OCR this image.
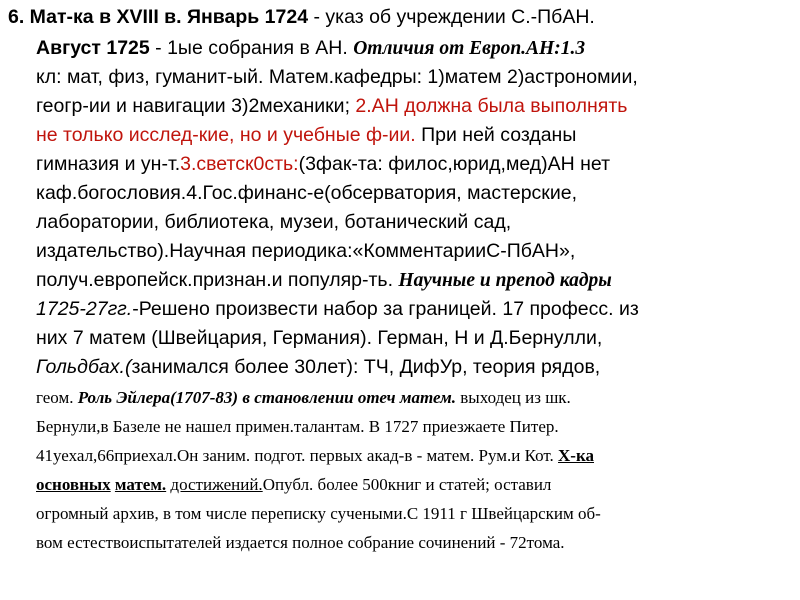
6. Мат-ка в XVIII в. Январь 1724 - указ об учреждении С.-ПбАН.
Август 1725 - 1ые собрания в АН. Отличия от Европ.АН:1.3
кл: мат, физ, гуманит-ый. Матем.кафедры: 1)матем 2)астрономии,
геогр-ии и навигации 3)2механики; 2.АН должна была выполнять
не только исслед-кие, но и учебные ф-ии. При ней созданы
гимназия и ун-т.3.светск0сть:(3фак-та: филос,юрид,мед)АН нет
каф.богословия.4.Гос.финанс-е(обсерватория, мастерские,
лаборатории, библиотека, музеи, ботанический сад,
издательство).Научная периодика:«КомментарииС-ПбАН»,
получ.европейск.признан.и популяр-ть. Научные и препод кадры
1725-27гг.-Решено произвести набор за границей. 17 професс. из
них 7 матем (Швейцария, Германия). Герман, Н и Д.Бернулли,
Гольдбах.(занимался более 30лет): ТЧ, ДифУр, теория рядов,
геом. Роль Эйлера(1707-83) в становлении отеч матем. выходец из шк.
Бернули,в Базеле не нашел примен.талантам. В 1727 приезжаете Питер.
41уехал,66приехал.Он заним. подгот. первых акад-в - матем. Рум.и Кот. Х-ка
основных матем. достижений.Опубл. более 500книг и статей; оставил
огромный архив, в том числе переписку сучеными.С 1911 г Швейцарским об-
вом естествоиспытателей издается полное собрание сочинений - 72тома.
